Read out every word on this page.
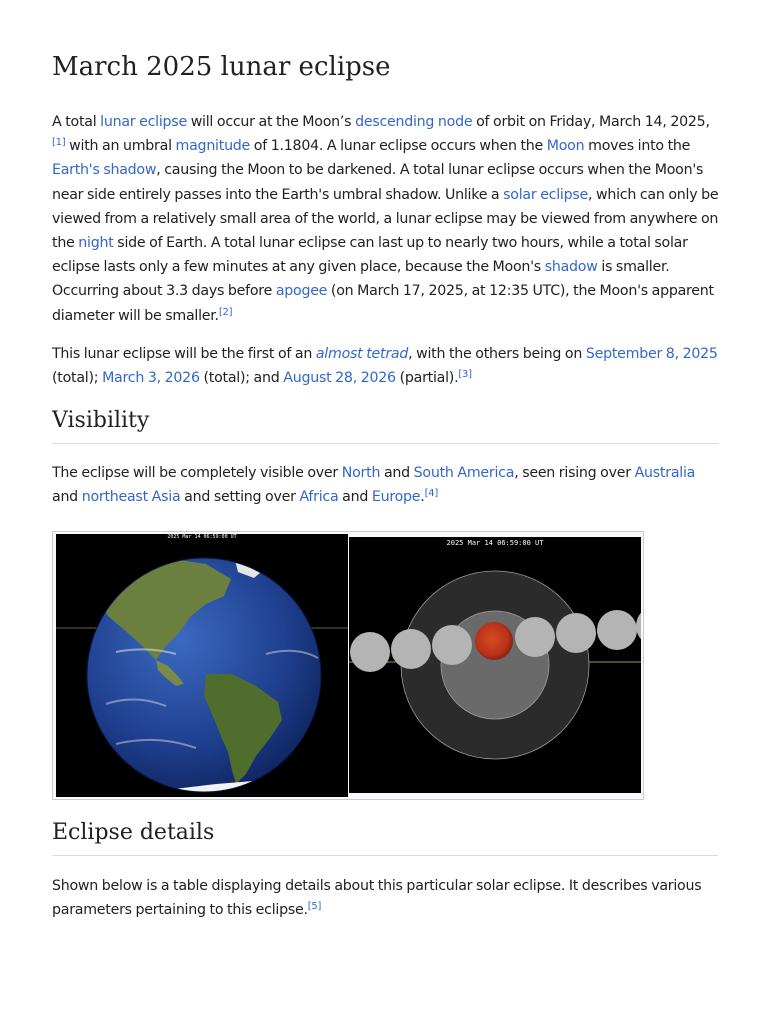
March 2025 lunar eclipse

A total lunar eclipse will occur at the Moon’s descending node of orbit on Friday, March 14, 2025,[1] with an umbral magnitude of 1.1804. A lunar eclipse occurs when the Moon moves into the Earth's shadow, causing the Moon to be darkened. A total lunar eclipse occurs when the Moon's near side entirely passes into the Earth's umbral shadow. Unlike a solar eclipse, which can only be viewed from a relatively small area of the world, a lunar eclipse may be viewed from anywhere on the night side of Earth. A total lunar eclipse can last up to nearly two hours, while a total solar eclipse lasts only a few minutes at any given place, because the Moon's shadow is smaller. Occurring about 3.3 days before apogee (on March 17, 2025, at 12:35 UTC), the Moon's apparent diameter will be smaller.[2]

This lunar eclipse will be the first of an almost tetrad, with the others being on September 8, 2025 (total); March 3, 2026 (total); and August 28, 2026 (partial).[3]

Visibility

The eclipse will be completely visible over North and South America, seen rising over Australia and northeast Asia and setting over Africa and Europe.[4]

Eclipse details

Shown below is a table displaying details about this particular solar eclipse. It describes various parameters pertaining to this eclipse.[5]

2025 Mar 14 06:59:00 UT
2025 Mar 14 06:59:00 UT
